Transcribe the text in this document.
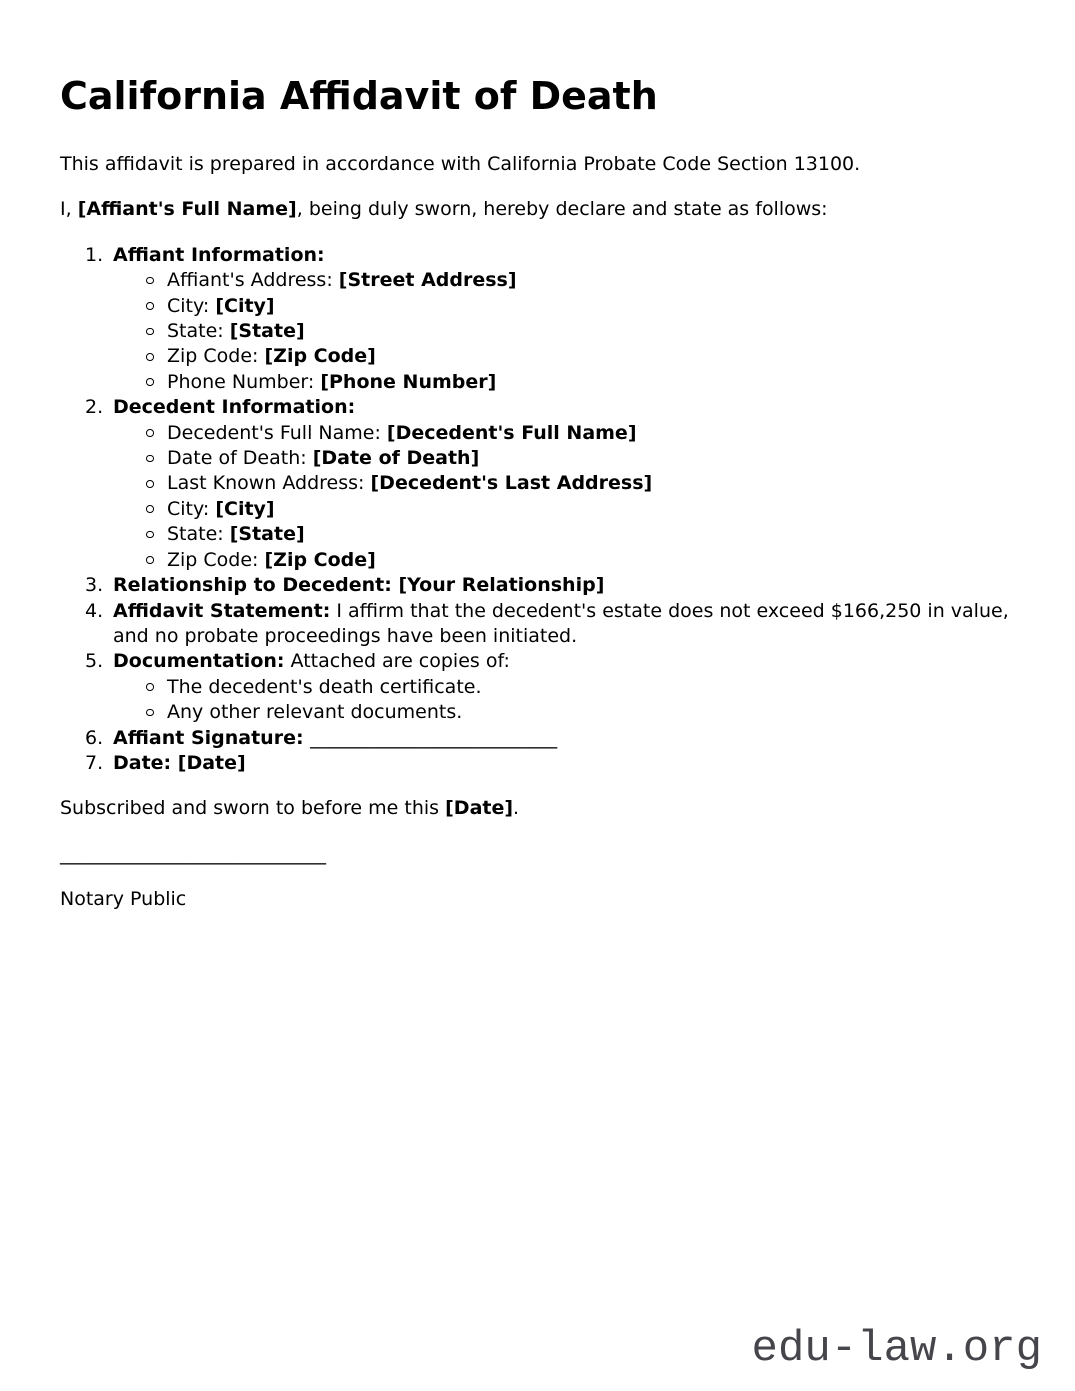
California Affidavit of Death

This affidavit is prepared in accordance with California Probate Code Section 13100.

I, [Affiant's Full Name], being duly sworn, hereby declare and state as follows:

1. Affiant Information:
Affiant's Address: [Street Address]
City: [City]
State: [State]
Zip Code: [Zip Code]
Phone Number: [Phone Number]
2. Decedent Information:
Decedent's Full Name: [Decedent's Full Name]
Date of Death: [Date of Death]
Last Known Address: [Decedent's Last Address]
City: [City]
State: [State]
Zip Code: [Zip Code]
3. Relationship to Decedent: [Your Relationship]
4. Affidavit Statement: I affirm that the decedent's estate does not exceed $166,250 in value, and no probate proceedings have been initiated.
5. Documentation: Attached are copies of:
The decedent's death certificate.
Any other relevant documents.
6. Affiant Signature: __________________________
7. Date: [Date]

Subscribed and sworn to before me this [Date].

____________________________

Notary Public

edu-law.org
